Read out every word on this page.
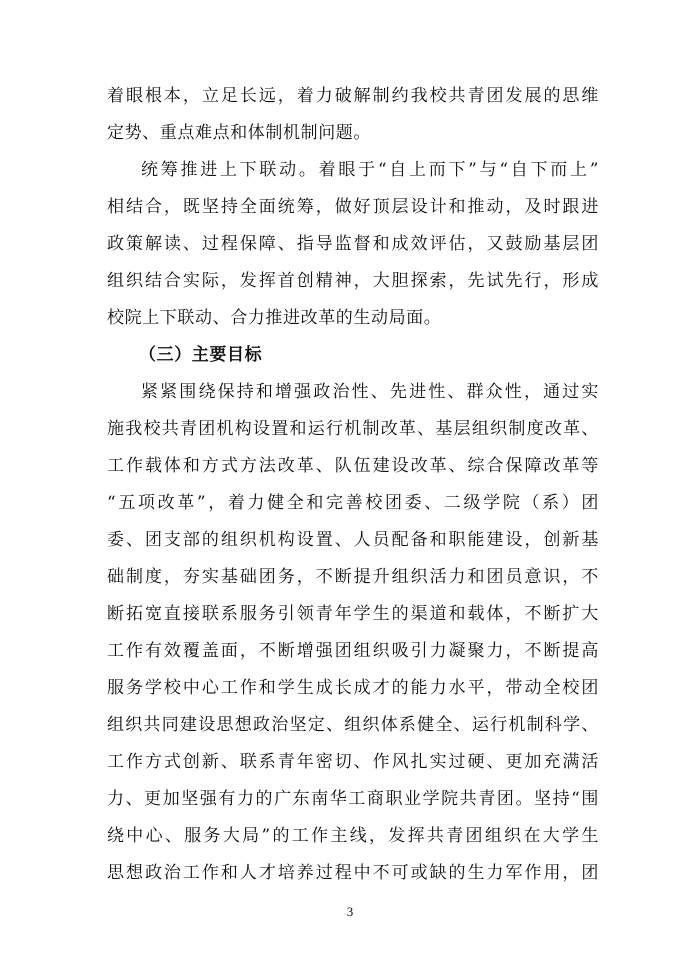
着眼根本，立足长远，着力破解制约我校共青团发展的思维
定势、重点难点和体制机制问题。
统筹推进上下联动。着眼于“自上而下”与“自下而上”
相结合，既坚持全面统筹，做好顶层设计和推动，及时跟进
政策解读、过程保障、指导监督和成效评估，又鼓励基层团
组织结合实际，发挥首创精神，大胆探索，先试先行，形成
校院上下联动、合力推进改革的生动局面。
（三）主要目标
紧紧围绕保持和增强政治性、先进性、群众性，通过实
施我校共青团机构设置和运行机制改革、基层组织制度改革、
工作载体和方式方法改革、队伍建设改革、综合保障改革等
“五项改革”，着力健全和完善校团委、二级学院（系）团
委、团支部的组织机构设置、人员配备和职能建设，创新基
础制度，夯实基础团务，不断提升组织活力和团员意识，不
断拓宽直接联系服务引领青年学生的渠道和载体，不断扩大
工作有效覆盖面，不断增强团组织吸引力凝聚力，不断提高
服务学校中心工作和学生成长成才的能力水平，带动全校团
组织共同建设思想政治坚定、组织体系健全、运行机制科学、
工作方式创新、联系青年密切、作风扎实过硬、更加充满活
力、更加坚强有力的广东南华工商职业学院共青团。坚持“围
绕中心、服务大局”的工作主线，发挥共青团组织在大学生
思想政治工作和人才培养过程中不可或缺的生力军作用，团
3
